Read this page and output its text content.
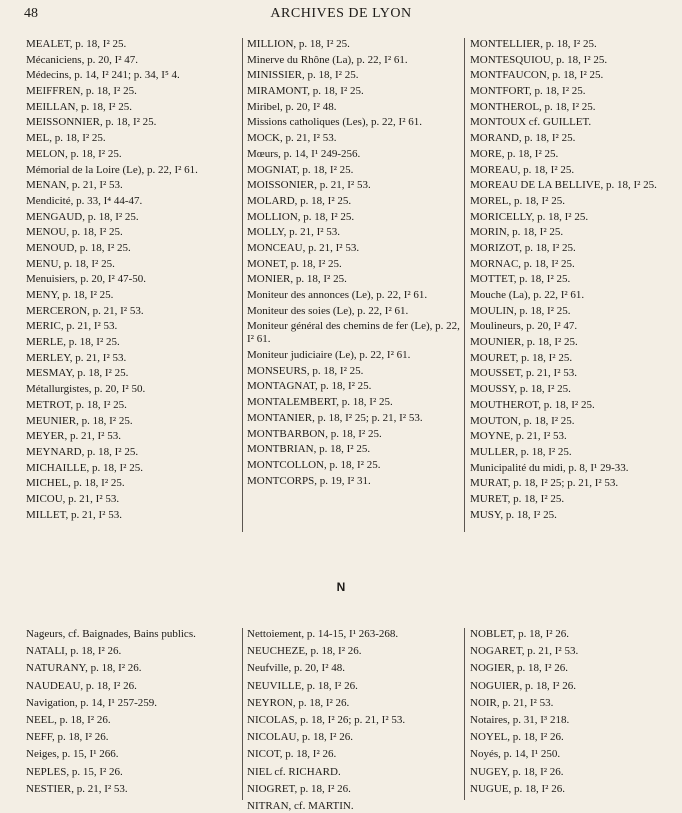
48	ARCHIVES DE LYON
MEALET, p. 18, I² 25.
Mécaniciens, p. 20, I² 47.
Médecins, p. 14, I² 241; p. 34, I⁵ 4.
MEIFFREN, p. 18, I² 25.
MEILLAN, p. 18, I² 25.
MEISSONNIER, p. 18, I² 25.
MEL, p. 18, I² 25.
MELON, p. 18, I² 25.
Mémorial de la Loire (Le), p. 22, I² 61.
MENAN, p. 21, I² 53.
Mendicité, p. 33, I⁴ 44-47.
MENGAUD, p. 18, I² 25.
MENOU, p. 18, I² 25.
MENOUD, p. 18, I² 25.
MENU, p. 18, I² 25.
Menuisiers, p. 20, I² 47-50.
MENY, p. 18, I² 25.
MERCERON, p. 21, I² 53.
MERIC, p. 21, I² 53.
MERLE, p. 18, I² 25.
MERLEY, p. 21, I² 53.
MESMAY, p. 18, I² 25.
Métallurgistes, p. 20, I² 50.
METROT, p. 18, I² 25.
MEUNIER, p. 18, I² 25.
MEYER, p. 21, I² 53.
MEYNARD, p. 18, I² 25.
MICHAILLE, p. 18, I² 25.
MICHEL, p. 18, I² 25.
MICOU, p. 21, I² 53.
MILLET, p. 21, I² 53.
MILLION, p. 18, I² 25.
Minerve du Rhône (La), p. 22, I² 61.
MINISSIER, p. 18, I² 25.
MIRAMONT, p. 18, I² 25.
Miribel, p. 20, I² 48.
Missions catholiques (Les), p. 22, I² 61.
MOCK, p. 21, I² 53.
Mœurs, p. 14, I¹ 249-256.
MOGNIAT, p. 18, I² 25.
MOISSONIER, p. 21, I² 53.
MOLARD, p. 18, I² 25.
MOLLION, p. 18, I² 25.
MOLLY, p. 21, I² 53.
MONCEAU, p. 21, I² 53.
MONET, p. 18, I² 25.
MONIER, p. 18, I² 25.
Moniteur des annonces (Le), p. 22, I² 61.
Moniteur des soies (Le), p. 22, I² 61.
Moniteur général des chemins de fer (Le), p. 22, I² 61.
Moniteur judiciaire (Le), p. 22, I² 61.
MONSEURS, p. 18, I² 25.
MONTAGNAT, p. 18, I² 25.
MONTALEMBERT, p. 18, I² 25.
MONTANIER, p. 18, I² 25; p. 21, I² 53.
MONTBARBON, p. 18, I² 25.
MONTBRIAN, p. 18, I² 25.
MONTCOLLON, p. 18, I² 25.
MONTCORPS, p. 19, I² 31.
MONTELLIER, p. 18, I² 25.
MONTESQUIOU, p. 18, I² 25.
MONTFAUCON, p. 18, I² 25.
MONTFORT, p. 18, I² 25.
MONTHEROL, p. 18, I² 25.
MONTOUX cf. GUILLET.
MORAND, p. 18, I² 25.
MORE, p. 18, I² 25.
MOREAU, p. 18, I² 25.
MOREAU DE LA BELLIVE, p. 18, I² 25.
MOREL, p. 18, I² 25.
MORICELLY, p. 18, I² 25.
MORIN, p. 18, I² 25.
MORIZOT, p. 18, I² 25.
MORNAC, p. 18, I² 25.
MOTTET, p. 18, I² 25.
Mouche (La), p. 22, I² 61.
MOULIN, p. 18, I² 25.
Moulineurs, p. 20, I² 47.
MOUNIER, p. 18, I² 25.
MOURET, p. 18, I² 25.
MOUSSET, p. 21, I² 53.
MOUSSY, p. 18, I² 25.
MOUTHEROT, p. 18, I² 25.
MOUTON, p. 18, I² 25.
MOYNE, p. 21, I² 53.
MULLER, p. 18, I² 25.
Municipalité du midi, p. 8, I¹ 29-33.
MURAT, p. 18, I² 25; p. 21, I² 53.
MURET, p. 18, I² 25.
MUSY, p. 18, I² 25.
N
Nageurs, cf. Baignades, Bains publics.
NATALI, p. 18, I² 26.
NATURANY, p. 18, I² 26.
NAUDEAU, p. 18, I² 26.
Navigation, p. 14, I¹ 257-259.
NEEL, p. 18, I² 26.
NEFF, p. 18, I² 26.
Neiges, p. 15, I¹ 266.
NEPLES, p. 15, I² 26.
NESTIER, p. 21, I² 53.
Nettoiement, p. 14-15, I¹ 263-268.
NEUCHEZE, p. 18, I² 26.
Neufville, p. 20, I² 48.
NEUVILLE, p. 18, I² 26.
NEYRON, p. 18, I² 26.
NICOLAS, p. 18, I² 26; p. 21, I² 53.
NICOLAU, p. 18, I² 26.
NICOT, p. 18, I² 26.
NIEL cf. RICHARD.
NIOGRET, p. 18, I² 26.
NITRAN, cf. MARTIN.
NOBLET, p. 18, I² 26.
NOGARET, p. 21, I² 53.
NOGIER, p. 18, I² 26.
NOGUIER, p. 18, I² 26.
NOIR, p. 21, I² 53.
Notaires, p. 31, I³ 218.
NOYEL, p. 18, I² 26.
Noyés, p. 14, I¹ 250.
NUGEY, p. 18, I² 26.
NUGUE, p. 18, I² 26.
